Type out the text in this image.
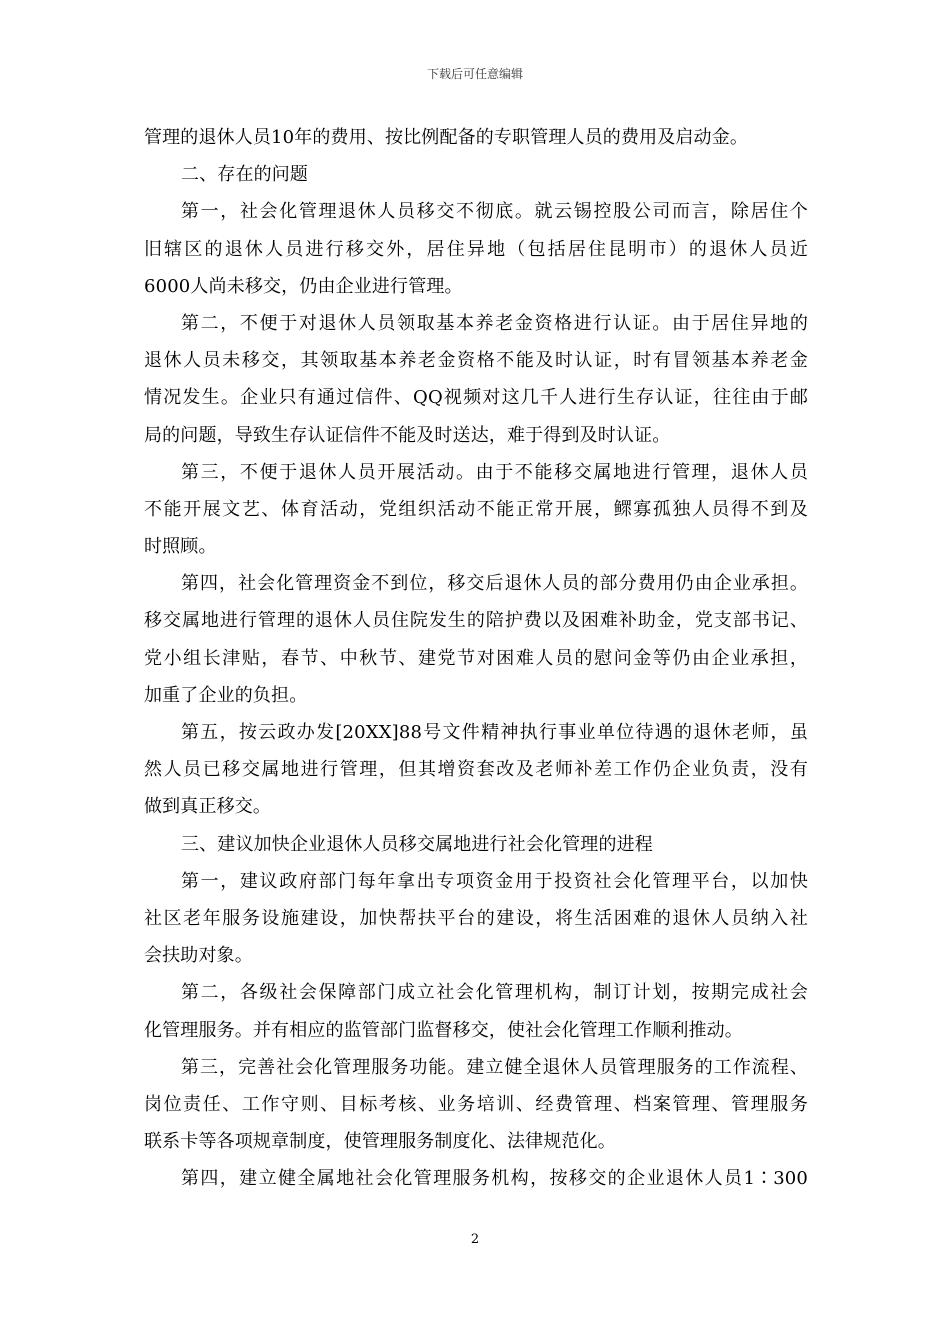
下载后可任意编辑
管理的退休人员10年的费用、按比例配备的专职管理人员的费用及启动金。
二、存在的问题
第一，社会化管理退休人员移交不彻底。就云锡控股公司而言，除居住个
旧辖区的退休人员进行移交外，居住异地（包括居住昆明市）的退休人员近
6000人尚未移交，仍由企业进行管理。
第二，不便于对退休人员领取基本养老金资格进行认证。由于居住异地的
退休人员未移交，其领取基本养老金资格不能及时认证，时有冒领基本养老金
情况发生。企业只有通过信件、QQ视频对这几千人进行生存认证，往往由于邮
局的问题，导致生存认证信件不能及时送达，难于得到及时认证。
第三，不便于退休人员开展活动。由于不能移交属地进行管理，退休人员
不能开展文艺、体育活动，党组织活动不能正常开展，鳏寡孤独人员得不到及
时照顾。
第四，社会化管理资金不到位，移交后退休人员的部分费用仍由企业承担。
移交属地进行管理的退休人员住院发生的陪护费以及困难补助金，党支部书记、
党小组长津贴，春节、中秋节、建党节对困难人员的慰问金等仍由企业承担，
加重了企业的负担。
第五，按云政办发[20XX]88号文件精神执行事业单位待遇的退休老师，虽
然人员已移交属地进行管理，但其增资套改及老师补差工作仍企业负责，没有
做到真正移交。
三、建议加快企业退休人员移交属地进行社会化管理的进程
第一，建议政府部门每年拿出专项资金用于投资社会化管理平台，以加快
社区老年服务设施建设，加快帮扶平台的建设，将生活困难的退休人员纳入社
会扶助对象。
第二，各级社会保障部门成立社会化管理机构，制订计划，按期完成社会
化管理服务。并有相应的监管部门监督移交，使社会化管理工作顺利推动。
第三，完善社会化管理服务功能。建立健全退休人员管理服务的工作流程、
岗位责任、工作守则、目标考核、业务培训、经费管理、档案管理、管理服务
联系卡等各项规章制度，使管理服务制度化、法律规范化。
第四，建立健全属地社会化管理服务机构，按移交的企业退休人员1∶300
2
